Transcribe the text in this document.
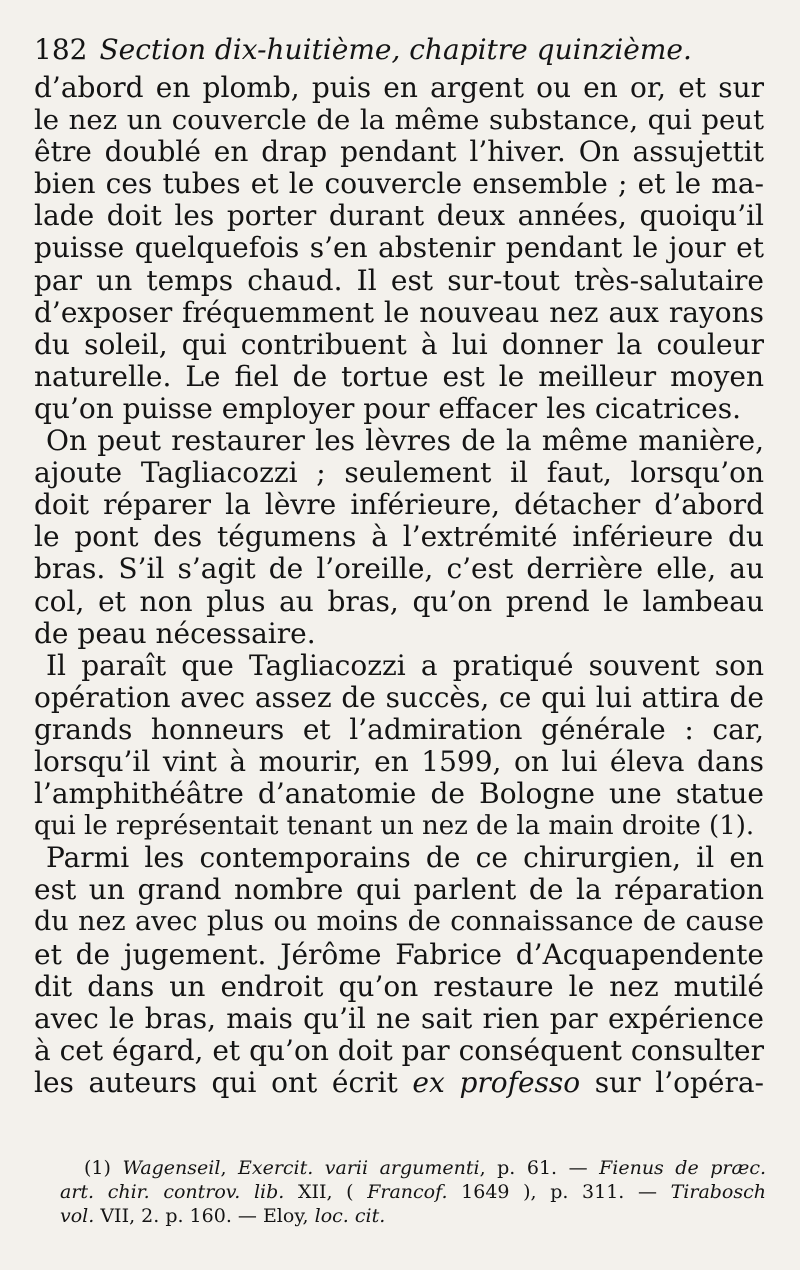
182 Section dix-huitième, chapitre quinzième.
d’abord en plomb, puis en argent ou en or, et sur
le nez un couvercle de la même substance, qui peut
être doublé en drap pendant l’hiver. On assujettit
bien ces tubes et le couvercle ensemble ; et le ma-
lade doit les porter durant deux années, quoiqu’il
puisse quelquefois s’en abstenir pendant le jour et
par un temps chaud. Il est sur-tout très-salutaire
d’exposer fréquemment le nouveau nez aux rayons
du soleil, qui contribuent à lui donner la couleur
naturelle. Le fiel de tortue est le meilleur moyen
qu’on puisse employer pour effacer les cicatrices.
On peut restaurer les lèvres de la même manière,
ajoute Tagliacozzi ; seulement il faut, lorsqu’on
doit réparer la lèvre inférieure, détacher d’abord
le pont des tégumens à l’extrémité inférieure du
bras. S’il s’agit de l’oreille, c’est derrière elle, au
col, et non plus au bras, qu’on prend le lambeau
de peau nécessaire.
Il paraît que Tagliacozzi a pratiqué souvent son
opération avec assez de succès, ce qui lui attira de
grands honneurs et l’admiration générale : car,
lorsqu’il vint à mourir, en 1599, on lui éleva dans
l’amphithéâtre d’anatomie de Bologne une statue
qui le représentait tenant un nez de la main droite (1).
Parmi les contemporains de ce chirurgien, il en
est un grand nombre qui parlent de la réparation
du nez avec plus ou moins de connaissance de cause
et de jugement. Jérôme Fabrice d’Acquapendente
dit dans un endroit qu’on restaure le nez mutilé
avec le bras, mais qu’il ne sait rien par expérience
à cet égard, et qu’on doit par conséquent consulter
les auteurs qui ont écrit ex professo sur l’opéra-
(1) Wagenseil, Exercit. varii argumenti, p. 61. — Fienus de præc.
art. chir. controv. lib. XII, ( Francof. 1649 ), p. 311. — Tirabosch
vol. VII, 2. p. 160. — Eloy, loc. cit.
